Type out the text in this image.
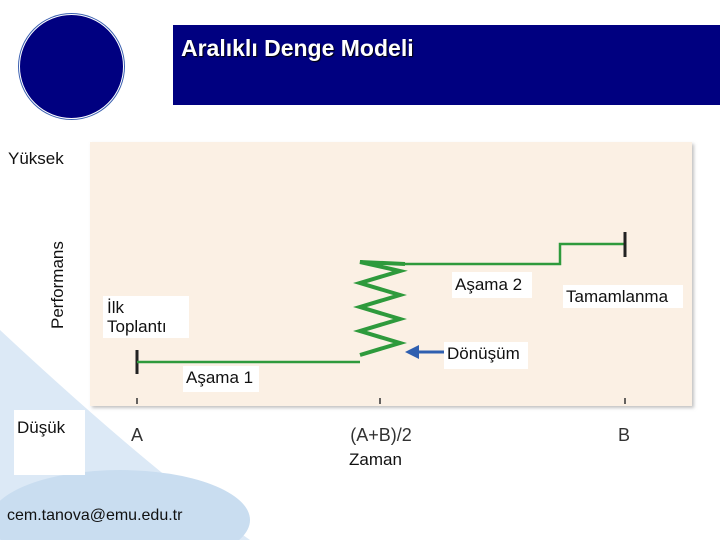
Aralıklı Denge Modeli
A	(A+B)/2	B
Yüksek
Performans İlk Toplantı
Aşama 1
Aşama 2
Dönüşüm
Tamamlanma
Düşük
Zaman
cem.tanova@emu.edu.tr
